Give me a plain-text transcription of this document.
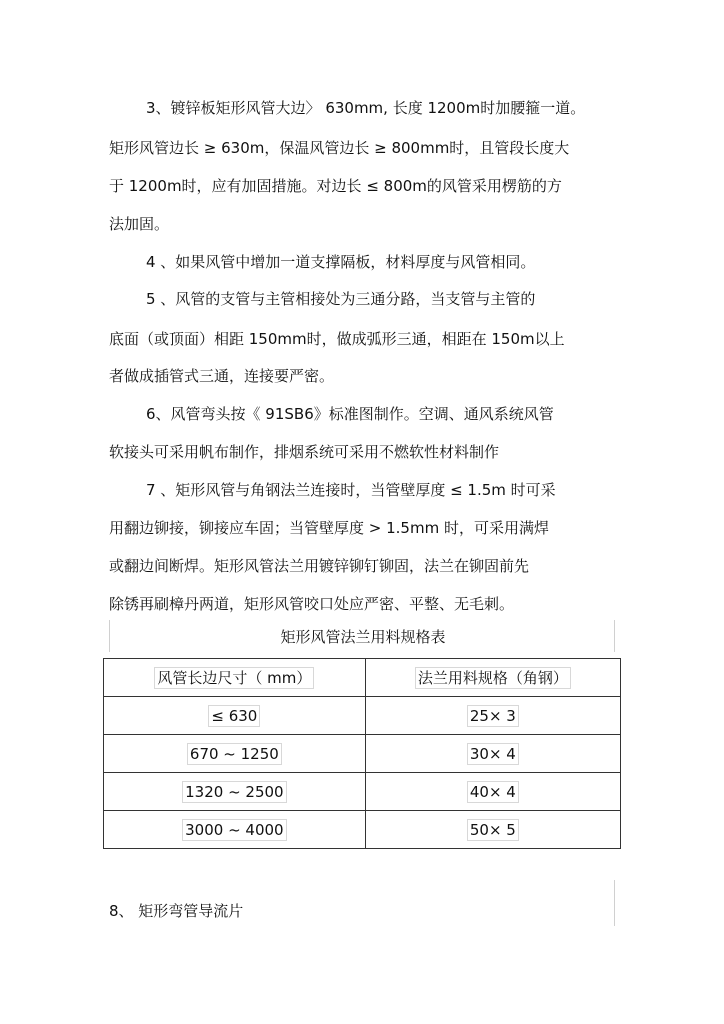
3、镀锌板矩形风管大边〉 630mm, 长度 1200m时加腰箍一道。
矩形风管边长 ≥ 630m，保温风管边长 ≥ 800mm时，且管段长度大
于 1200m时，应有加固措施。对边长 ≤ 800m的风管采用楞筋的方
法加固。
4 、如果风管中增加一道支撑隔板，材料厚度与风管相同。
5 、风管的支管与主管相接处为三通分路，当支管与主管的
底面（或顶面）相距 150mm时，做成弧形三通，相距在 150m以上
者做成插管式三通，连接要严密。
6、风管弯头按《 91SB6》标准图制作。空调、通风系统风管
软接头可采用帆布制作，排烟系统可采用不燃软性材料制作
7 、矩形风管与角钢法兰连接时，当管壁厚度 ≤ 1.5m 时可采
用翻边铆接，铆接应车固；当管壁厚度 > 1.5mm 时，可采用满焊
或翻边间断焊。矩形风管法兰用镀锌铆钉铆固，法兰在铆固前先
除锈再刷樟丹两道，矩形风管咬口处应严密、平整、无毛刺。
矩形风管法兰用料规格表
风管长边尺寸（ mm）	法兰用料规格（角钢）
≤ 630	25× 3
670 ~ 1250	30× 4
1320 ~ 2500	40× 4
3000 ~ 4000	50× 5
8、 矩形弯管导流片
